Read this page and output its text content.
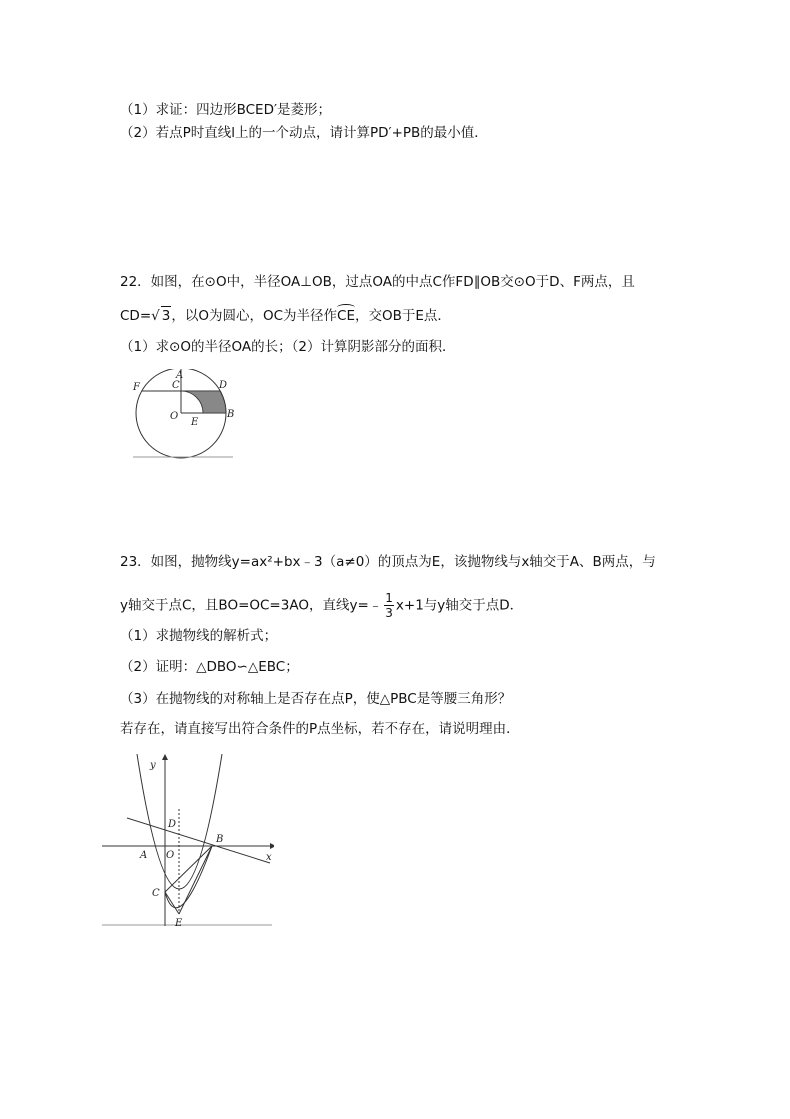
（1）求证：四边形BCED′是菱形；
（2）若点P时直线l上的一个动点，请计算PD′+PB的最小值．
22．如图，在⊙O中，半径OA⊥OB，过点OA的中点C作FD∥OB交⊙O于D、F两点，且
CD=√ 3，以O为圆心，OC为半径作CE，交OB于E点．
（1）求⊙O的半径OA的长；（2）计算阴影部分的面积．
A
C	D
F
O
E
B
23．如图，抛物线y=ax²+bx﹣3（a≠0）的顶点为E，该抛物线与x轴交于A、B两点，与
y轴交于点C，且BO=OC=3AO，直线y=﹣ $\frac{1}{3} x+1$与y轴交于点D．
（1）求抛物线的解析式；
（2）证明：△DBO∽△EBC；
（3）在抛物线的对称轴上是否存在点P，使△PBC是等腰三角形？
若存在，请直接写出符合条件的P点坐标，若不存在，请说明理由．
y
x
D
A O
B
C
E
